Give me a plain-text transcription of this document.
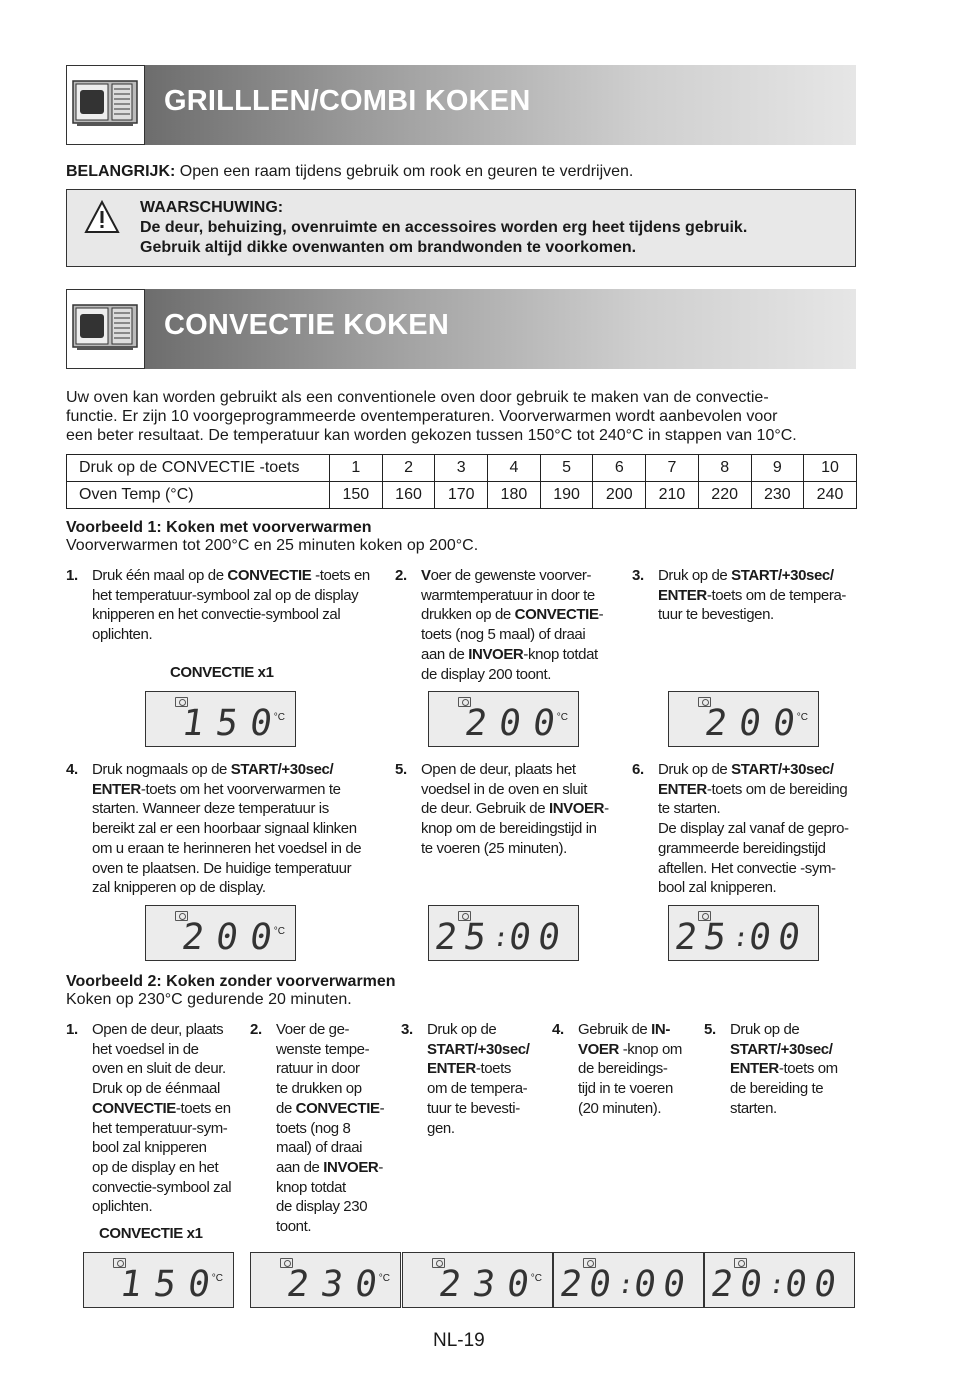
GRILLLEN/COMBI KOKEN
BELANGRIJK: Open een raam tijdens gebruik om rook en geuren te verdrijven.
WAARSCHUWING:
De deur, behuizing, ovenruimte en accessoires worden erg heet tijdens gebruik.
Gebruik altijd dikke ovenwanten om brandwonden te voorkomen.
CONVECTIE KOKEN
Uw oven kan worden gebruikt als een conventionele oven door gebruik te maken van de convectie-
functie. Er zijn 10 voorgeprogrammeerde oventemperaturen. Voorverwarmen wordt aanbevolen voor
een beter resultaat. De temperatuur kan worden gekozen tussen 150°C tot 240°C in stappen van 10°C.
Druk op de CONVECTIE -toets	1	2	3	4	5	6	7	8	9	10
Oven Temp (°C)	150	160	170	180	190	200	210	220	230	240
Voorbeeld 1: Koken met voorverwarmen
Voorverwarmen tot 200°C en 25 minuten koken op 200°C.
1. Druk één maal op de CONVECTIE -toets en
het temperatuur-symbool zal op de display
knipperen en het convectie-symbool zal
oplichten.
2. Voer de gewenste voorver-
warmtemperatuur in door te
drukken op de CONVECTIE-
toets (nog 5 maal) of draai
aan de INVOER-knop totdat
de display 200 toont.
3. Druk op de START/+30sec/
ENTER-toets om de tempera-
tuur te bevestigen.
4. Druk nogmaals op de START/+30sec/
ENTER-toets om het voorverwarmen te
starten. Wanneer deze temperatuur is
bereikt zal er een hoorbaar signaal klinken
om u eraan te herinneren het voedsel in de
oven te plaatsen. De huidige temperatuur
zal knipperen op de display.
5. Open de deur, plaats het
voedsel in de oven en sluit
de deur. Gebruik de INVOER-
knop om de bereidingstijd in
te voeren (25 minuten).
6. Druk op de START/+30sec/
ENTER-toets om de bereiding
te starten.
De display zal vanaf de gepro-
grammeerde bereidingstijd
aftellen. Het convectie -sym-
bool zal knipperen.
CONVECTIE x1
1 5 0 °C	2 0 0 °C	2 0 0 °C
2 0 0 °C	2 5 :
0 0	2 5 :
0 0
Voorbeeld 2: Koken zonder voorverwarmen
Koken op 230°C gedurende 20 minuten.
1. Open de deur, plaats
het voedsel in de
oven en sluit de deur.
Druk op de éénmaal
CONVECTIE-toets en
het temperatuur-sym-
bool zal knipperen
op de display en het
convectie-symbool zal
oplichten.
2. Voer de ge-
wenste tempe-
ratuur in door
te drukken op
de CONVECTIE-
toets (nog 8
maal) of draai
aan de INVOER-
knop totdat
de display 230
toont.
3. Druk op de
START/+30sec/
ENTER-toets
om de tempera-
tuur te bevesti-
gen.
4. Gebruik de IN-
VOER -knop om
de bereidings-
tijd in te voeren
(20 minuten).
5. Druk op de
START/+30sec/
ENTER-toets om
de bereiding te
starten.
CONVECTIE x1
1 5 0 °C 2 3 0 °C 2 3 0 °C 2 0 :
0 0 2 0 :
0 0
NL-19
